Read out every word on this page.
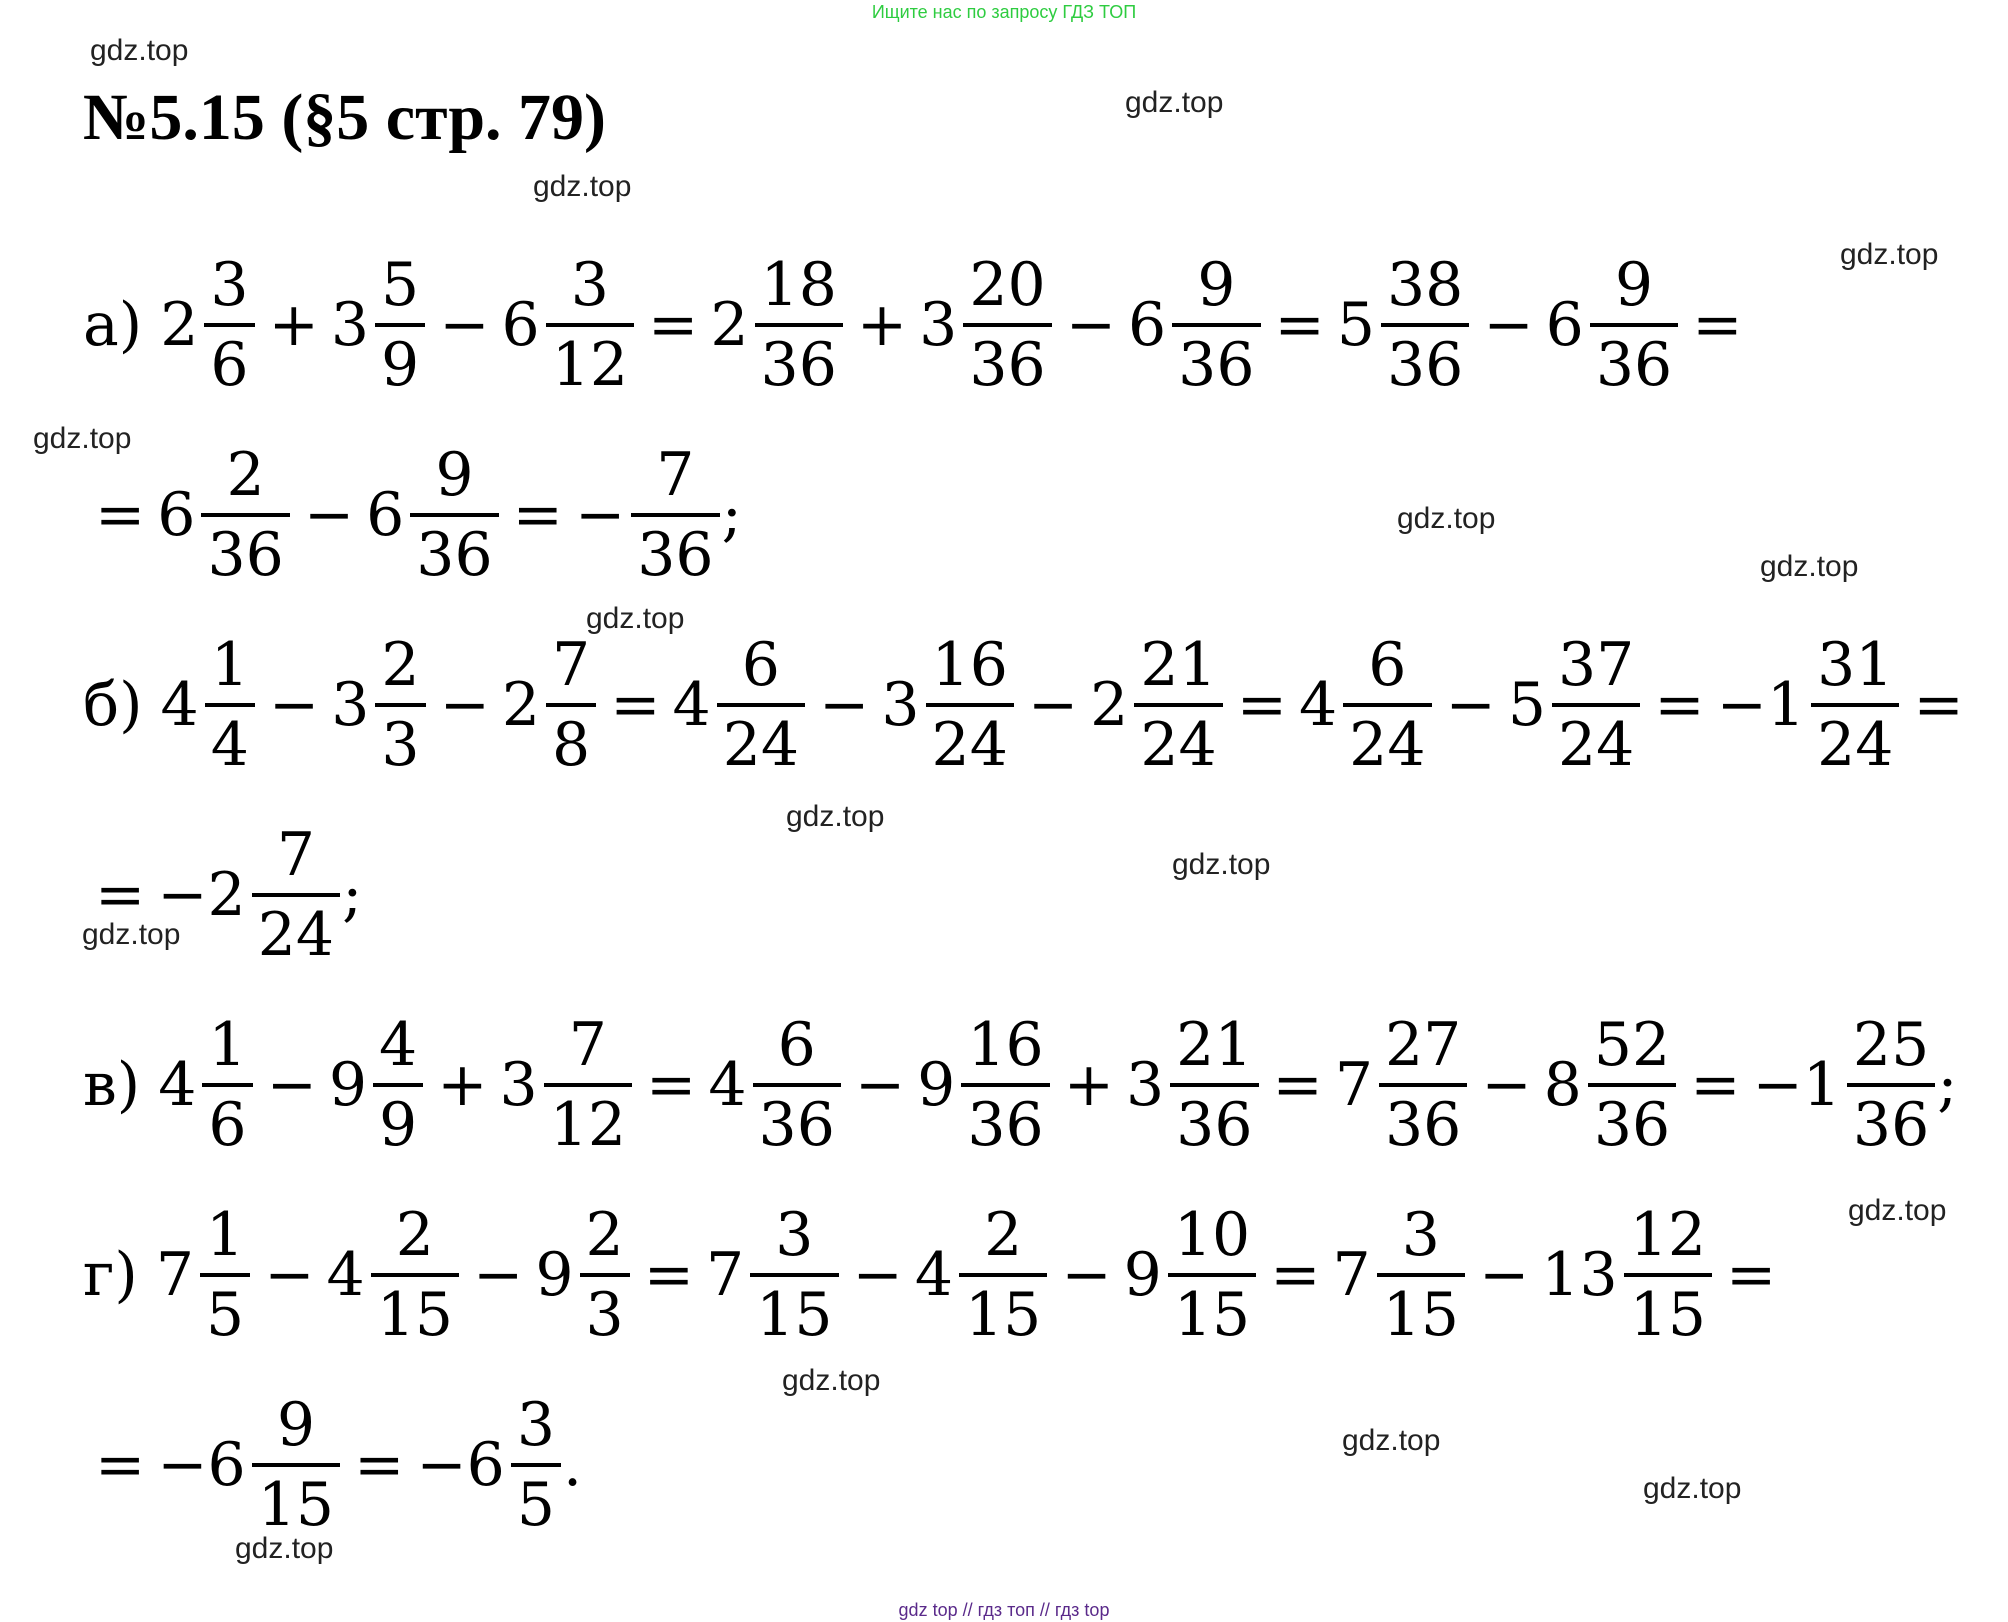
Ищите нас по запросу ГДЗ ТОП
№5.15 (§5 стр. 79)
а) $2 \frac{3}{6} + 3 \frac{5}{9} - 6 \frac{3}{12} = 2 \frac{18}{36} + 3 \frac{20}{36} - 6 \frac{9}{36} = 5 \frac{38}{36} - 6 \frac{9}{36}$ =
= $6 \frac{2}{36} - 6 \frac{9}{36}$ = − $\frac{7}{36}$ ;
б) $4 \frac{1}{4} - 3 \frac{2}{3} - 2 \frac{7}{8} = 4 \frac{6}{24} - 3 \frac{16}{24} - 2 \frac{21}{24} = 4 \frac{6}{24} - 5 \frac{37}{24} = -1 \frac{31}{24}$ =
= $-2 \frac{7}{24}$ ;
в) $4 \frac{1}{6} - 9 \frac{4}{9} + 3 \frac{7}{12} = 4 \frac{6}{36} - 9 \frac{16}{36} + 3 \frac{21}{36} = 7 \frac{27}{36} - 8 \frac{52}{36} = -1 \frac{25}{36}$ ;
г) $7 \frac{1}{5} - 4 \frac{2}{15} - 9 \frac{2}{3} = 7 \frac{3}{15} - 4 \frac{2}{15} - 9 \frac{10}{15} = 7 \frac{3}{15} - 13 \frac{12}{15}$ =
= $-6 \frac{9}{15} = -6 \frac{3}{5}$ .
gdz.top
gdz.top
gdz.top
gdz.top
gdz.top
gdz.top
gdz.top
gdz.top
gdz.top
gdz.top
gdz.top
gdz.top
gdz.top
gdz.top
gdz.top
gdz.top
gdz top // гдз топ // гдз top
